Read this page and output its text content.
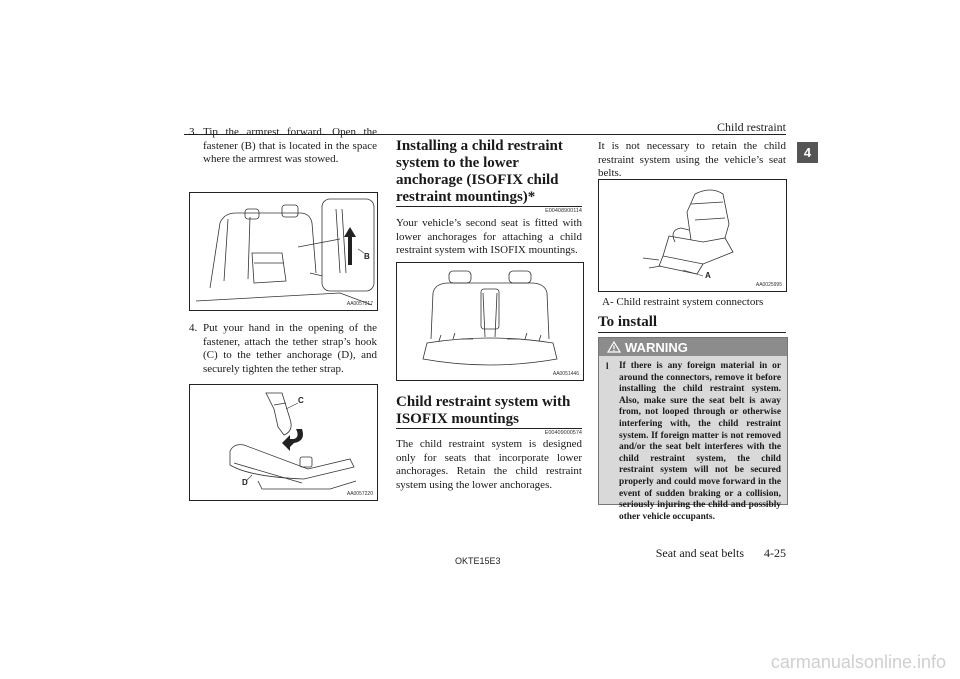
Child restraint
4
3. Tip the armrest forward. Open the fastener (B) that is located in the space where the armrest was stowed.
B
AA0057217
4. Put your hand in the opening of the fastener, attach the tether strap’s hook (C) to the tether anchorage (D), and securely tighten the tether strap.
C
D
AA0057220
Installing a child restraint system to the lower anchorage (ISOFIX child restraint mountings)*
E00408900114
Your vehicle’s second seat is fitted with lower anchorages for attaching a child restraint system with ISOFIX mountings.
AA0051446
Child restraint system with ISOFIX mountings
E00409000574
The child restraint system is designed only for seats that incorporate lower anchorages. Retain the child restraint system using the lower anchorages.
It is not necessary to retain the child restraint system using the vehicle’s seat belts.
A
AA0025995
A- Child restraint system connectors
To install
WARNING
l If there is any foreign material in or around the connectors, remove it before installing the child restraint system. Also, make sure the seat belt is away from, not looped through or otherwise interfering with, the child restraint system. If foreign matter is not removed and/or the seat belt interferes with the child restraint system, the child restraint system will not be secured properly and could move forward in the event of sudden braking or a collision, seriously injuring the child and possibly other vehicle occupants.
OKTE15E3
Seat and seat belts 4-25
carmanualsonline.info
